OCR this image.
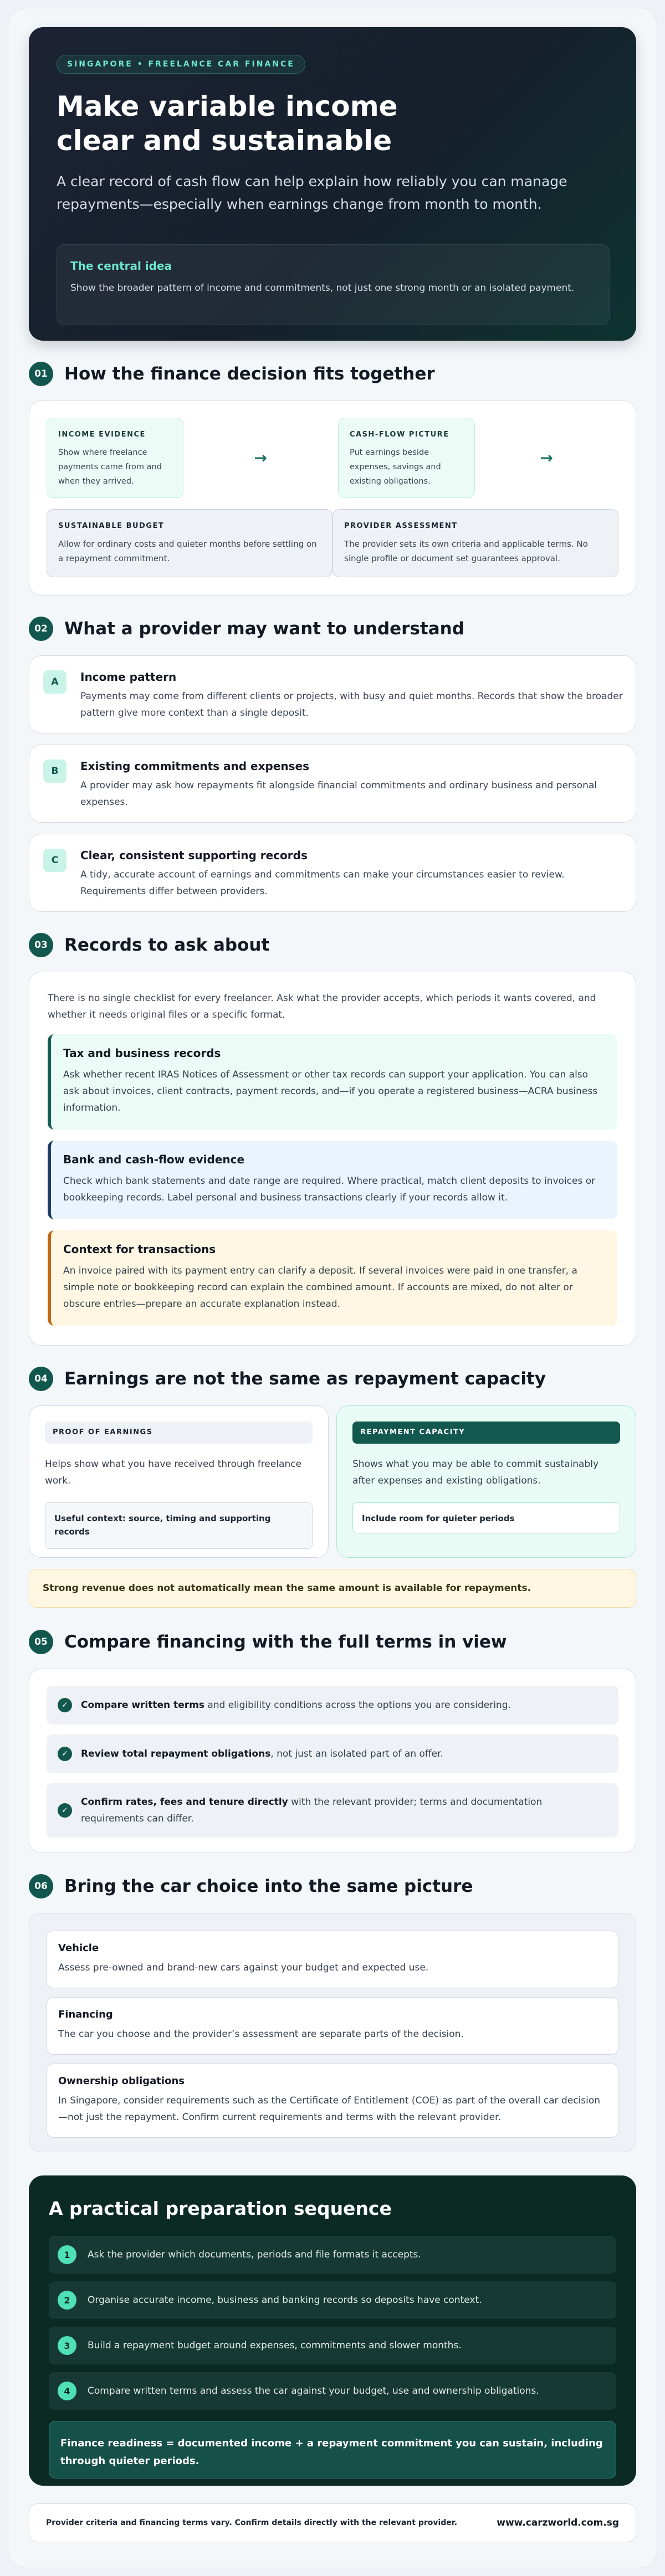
SINGAPORE • FREELANCE CAR FINANCE
Make variable income clear and sustainable

A clear record of cash flow can help explain how reliably you can manage repayments—especially when earnings change from month to month.

The central idea

Show the broader pattern of income and commitments, not just one strong month or an isolated payment.

01 How the finance decision fits together
INCOME EVIDENCE

Show where freelance payments came from and when they arrived.

→
CASH-FLOW PICTURE

Put earnings beside expenses, savings and existing obligations.

→
SUSTAINABLE BUDGET

Allow for ordinary costs and quieter months before settling on a repayment commitment.

PROVIDER ASSESSMENT

The provider sets its own criteria and applicable terms. No single profile or document set guarantees approval.

02 What a provider may want to understand
A	Income pattern

Payments may come from different clients or projects, with busy and quiet months. Records that show the broader pattern give more context than a single deposit.

B	Existing commitments and expenses

A provider may ask how repayments fit alongside financial commitments and ordinary business and personal expenses.

C	Clear, consistent supporting records

A tidy, accurate account of earnings and commitments can make your circumstances easier to review. Requirements differ between providers.

03 Records to ask about

There is no single checklist for every freelancer. Ask what the provider accepts, which periods it wants covered, and whether it needs original files or a specific format.

Tax and business records

Ask whether recent IRAS Notices of Assessment or other tax records can support your application. You can also ask about invoices, client contracts, payment records, and—if you operate a registered business—ACRA business information.

Bank and cash-flow evidence

Check which bank statements and date range are required. Where practical, match client deposits to invoices or bookkeeping records. Label personal and business transactions clearly if your records allow it.

Context for transactions

An invoice paired with its payment entry can clarify a deposit. If several invoices were paid in one transfer, a simple note or bookkeeping record can explain the combined amount. If accounts are mixed, do not alter or obscure entries—prepare an accurate explanation instead.

04 Earnings are not the same as repayment capacity
PROOF OF EARNINGS

Helps show what you have received through freelance work.

Useful context: source, timing and supporting records
REPAYMENT CAPACITY

Shows what you may be able to commit sustainably after expenses and existing obligations.

Include room for quieter periods
Strong revenue does not automatically mean the same amount is available for repayments.
05 Compare financing with the full terms in view
✓	Compare written terms and eligibility conditions across the options you are considering.
✓	Review total repayment obligations, not just an isolated part of an offer.
✓
Confirm rates, fees and tenure directly with the relevant provider; terms and documentation requirements can differ.
06 Bring the car choice into the same picture
Vehicle

Assess pre-owned and brand-new cars against your budget and expected use.

Financing

The car you choose and the provider’s assessment are separate parts of the decision.

Ownership obligations

In Singapore, consider requirements such as the Certificate of Entitlement (COE) as part of the overall car decision—not just the repayment. Confirm current requirements and terms with the relevant provider.

A practical preparation sequence
1	Ask the provider which documents, periods and file formats it accepts.
2	Organise accurate income, business and banking records so deposits have context.
3	Build a repayment budget around expenses, commitments and slower months.
4	Compare written terms and assess the car against your budget, use and ownership obligations.
Finance readiness = documented income + a repayment commitment you can sustain, including through quieter periods.
Provider criteria and financing terms vary. Confirm details directly with the relevant provider.	www.carzworld.com.sg
